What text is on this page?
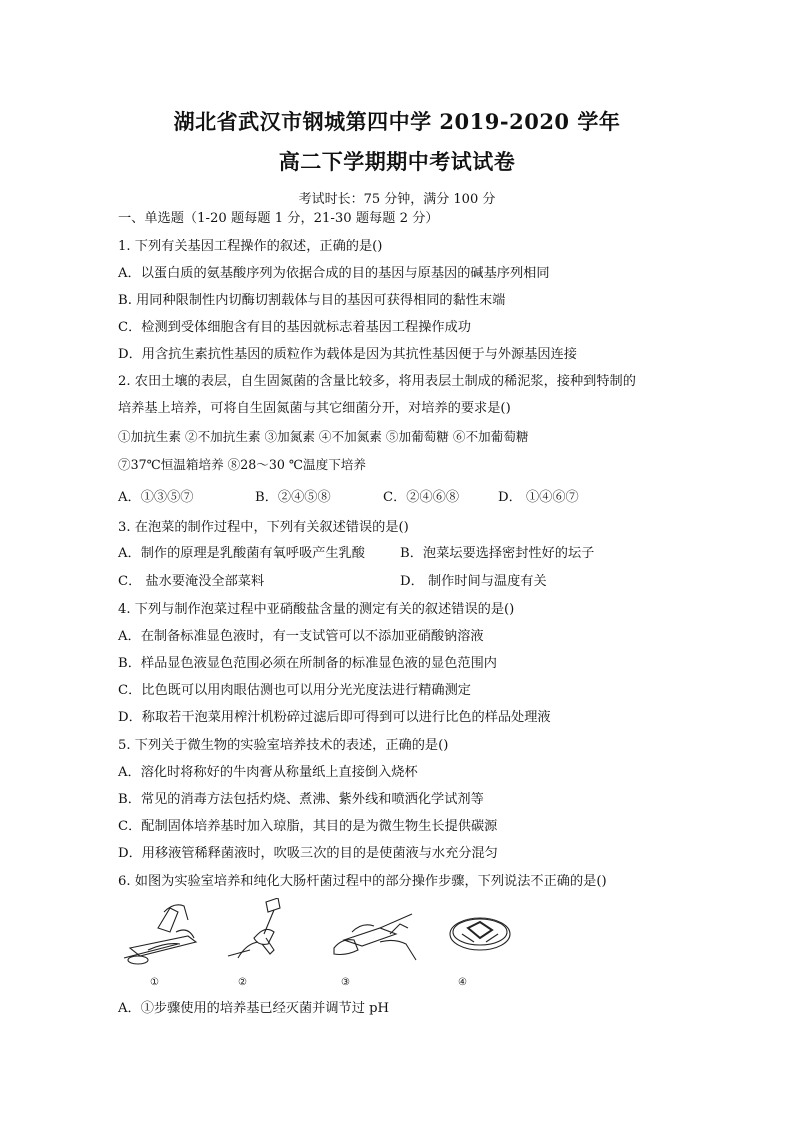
湖北省武汉市钢城第四中学 2019-2020 学年
高二下学期期中考试试卷
考试时长：75 分钟，满分 100 分
一、单选题（1-20 题每题 1 分，21-30 题每题 2 分）
1. 下列有关基因工程操作的叙述，正确的是()
A．以蛋白质的氨基酸序列为依据合成的目的基因与原基因的碱基序列相同
B. 用同种限制性内切酶切割载体与目的基因可获得相同的黏性末端
C．检测到受体细胞含有目的基因就标志着基因工程操作成功
D．用含抗生素抗性基因的质粒作为载体是因为其抗性基因便于与外源基因连接
2. 农田土壤的表层，自生固氮菌的含量比较多，将用表层土制成的稀泥浆，接种到特制的
培养基上培养，可将自生固氮菌与其它细菌分开，对培养的要求是()
①加抗生素 ②不加抗生素 ③加氮素 ④不加氮素 ⑤加葡萄糖 ⑥不加葡萄糖
⑦37℃恒温箱培养 ⑧28～30 ℃温度下培养
A．①③⑤⑦	B．②④⑤⑧	C．②④⑥⑧	D． ①④⑥⑦
3. 在泡菜的制作过程中，下列有关叙述错误的是()
A．制作的原理是乳酸菌有氧呼吸产生乳酸	B．泡菜坛要选择密封性好的坛子
C． 盐水要淹没全部菜料	D． 制作时间与温度有关
4. 下列与制作泡菜过程中亚硝酸盐含量的测定有关的叙述错误的是()
A．在制备标准显色液时，有一支试管可以不添加亚硝酸钠溶液
B．样品显色液显色范围必须在所制备的标准显色液的显色范围内
C．比色既可以用肉眼估测也可以用分光光度法进行精确测定
D．称取若干泡菜用榨汁机粉碎过滤后即可得到可以进行比色的样品处理液
5. 下列关于微生物的实验室培养技术的表述，正确的是()
A．溶化时将称好的牛肉膏从称量纸上直接倒入烧杯
B．常见的消毒方法包括灼烧、煮沸、紫外线和喷洒化学试剂等
C．配制固体培养基时加入琼脂，其目的是为微生物生长提供碳源
D．用移液管稀释菌液时，吹吸三次的目的是使菌液与水充分混匀
6. 如图为实验室培养和纯化大肠杆菌过程中的部分操作步骤，下列说法不正确的是()
①	②	③	④
A．①步骤使用的培养基已经灭菌并调节过 pH
